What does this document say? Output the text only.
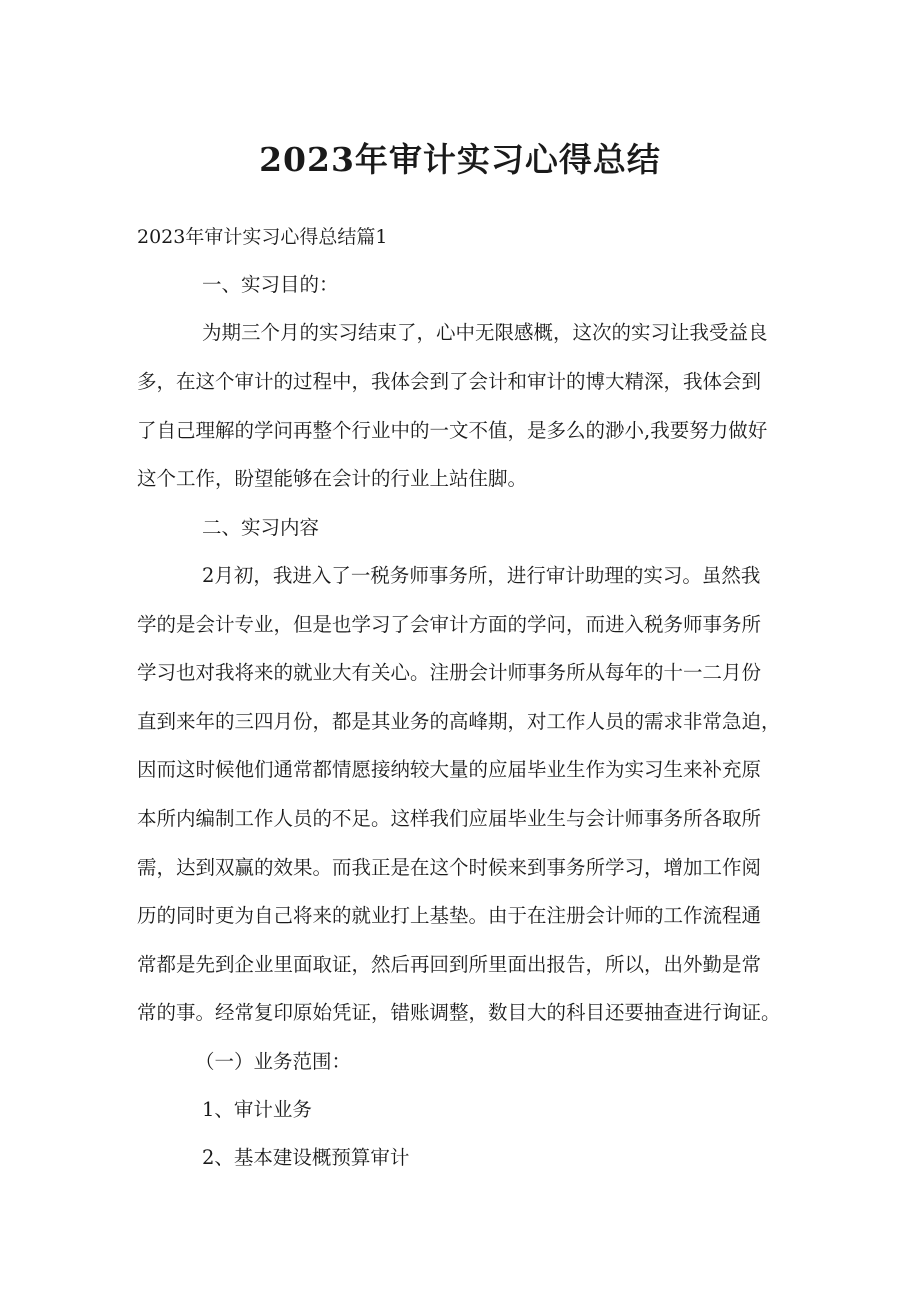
2023年审计实习心得总结
2023年审计实习心得总结篇1
一、实习目的：
为期三个月的实习结束了，心中无限感概，这次的实习让我受益良
多，在这个审计的过程中，我体会到了会计和审计的博大精深，我体会到
了自己理解的学问再整个行业中的一文不值，是多么的渺小,我要努力做好
这个工作，盼望能够在会计的行业上站住脚。
二、实习内容
2月初，我进入了一税务师事务所，进行审计助理的实习。虽然我
学的是会计专业，但是也学习了会审计方面的学问，而进入税务师事务所
学习也对我将来的就业大有关心。注册会计师事务所从每年的十一二月份
直到来年的三四月份，都是其业务的高峰期，对工作人员的需求非常急迫，
因而这时候他们通常都情愿接纳较大量的应届毕业生作为实习生来补充原
本所内编制工作人员的不足。这样我们应届毕业生与会计师事务所各取所
需，达到双赢的效果。而我正是在这个时候来到事务所学习，增加工作阅
历的同时更为自己将来的就业打上基垫。由于在注册会计师的工作流程通
常都是先到企业里面取证，然后再回到所里面出报告，所以，出外勤是常
常的事。经常复印原始凭证，错账调整，数目大的科目还要抽查进行询证。
（一）业务范围：
1、审计业务
2、基本建设概预算审计
